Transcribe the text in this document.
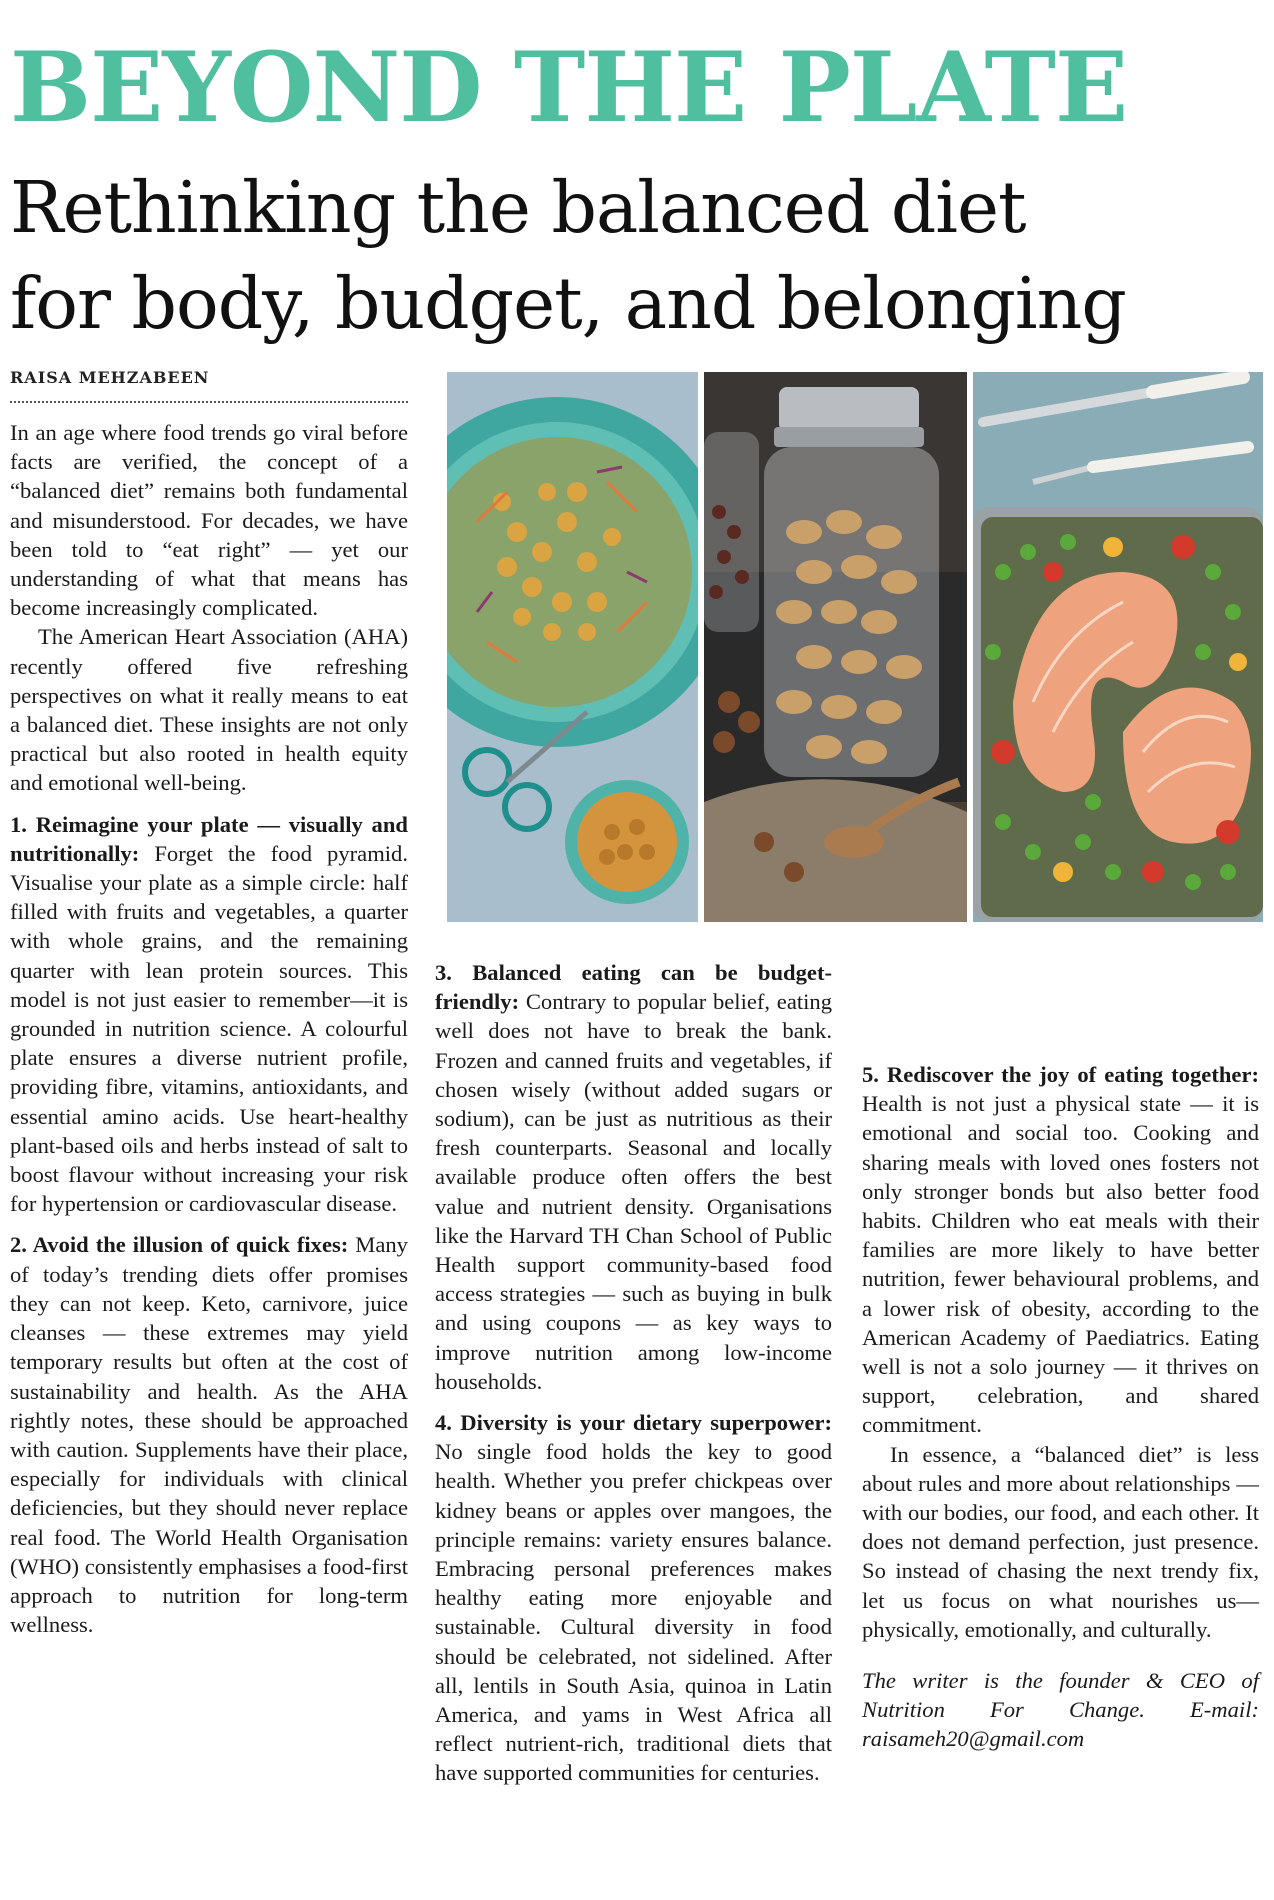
BEYOND THE PLATE
Rethinking the balanced diet
for body, budget, and belonging
RAISA MEHZABEEN

In an age where food trends go viral before facts are verified, the concept of a “balanced diet” remains both fundamental and misunderstood. For decades, we have been told to “eat right” — yet our understanding of what that means has become increasingly complicated.

The American Heart Association (AHA) recently offered five refreshing perspectives on what it really means to eat a balanced diet. These insights are not only practical but also rooted in health equity and emotional well-being.

1. Reimagine your plate — visually and nutritionally: Forget the food pyramid. Visualise your plate as a simple circle: half filled with fruits and vegetables, a quarter with whole grains, and the remaining quarter with lean protein sources. This model is not just easier to remember—it is grounded in nutrition science. A colourful plate ensures a diverse nutrient profile, providing fibre, vitamins, antioxidants, and essential amino acids. Use heart-healthy plant-based oils and herbs instead of salt to boost flavour without increasing your risk for hypertension or cardiovascular disease.

2. Avoid the illusion of quick fixes: Many of today’s trending diets offer promises they can not keep. Keto, carnivore, juice cleanses — these extremes may yield temporary results but often at the cost of sustainability and health. As the AHA rightly notes, these should be approached with caution. Supplements have their place, especially for individuals with clinical deficiencies, but they should never replace real food. The World Health Organisation (WHO) consistently emphasises a food-first approach to nutrition for long-term wellness.

3. Balanced eating can be budget-friendly: Contrary to popular belief, eating well does not have to break the bank. Frozen and canned fruits and vegetables, if chosen wisely (without added sugars or sodium), can be just as nutritious as their fresh counterparts. Seasonal and locally available produce often offers the best value and nutrient density. Organisations like the Harvard TH Chan School of Public Health support community-based food access strategies — such as buying in bulk and using coupons — as key ways to improve nutrition among low-income households.

4. Diversity is your dietary superpower: No single food holds the key to good health. Whether you prefer chickpeas over kidney beans or apples over mangoes, the principle remains: variety ensures balance. Embracing personal preferences makes healthy eating more enjoyable and sustainable. Cultural diversity in food should be celebrated, not sidelined. After all, lentils in South Asia, quinoa in Latin America, and yams in West Africa all reflect nutrient-rich, traditional diets that have supported communities for centuries.

5. Rediscover the joy of eating together: Health is not just a physical state — it is emotional and social too. Cooking and sharing meals with loved ones fosters not only stronger bonds but also better food habits. Children who eat meals with their families are more likely to have better nutrition, fewer behavioural problems, and a lower risk of obesity, according to the American Academy of Paediatrics. Eating well is not a solo journey — it thrives on support, celebration, and shared commitment.

In essence, a “balanced diet” is less about rules and more about relationships — with our bodies, our food, and each other. It does not demand perfection, just presence. So instead of chasing the next trendy fix, let us focus on what nourishes us—physically, emotionally, and culturally.

The writer is the founder & CEO of Nutrition For Change. E-mail: raisameh20@gmail.com
